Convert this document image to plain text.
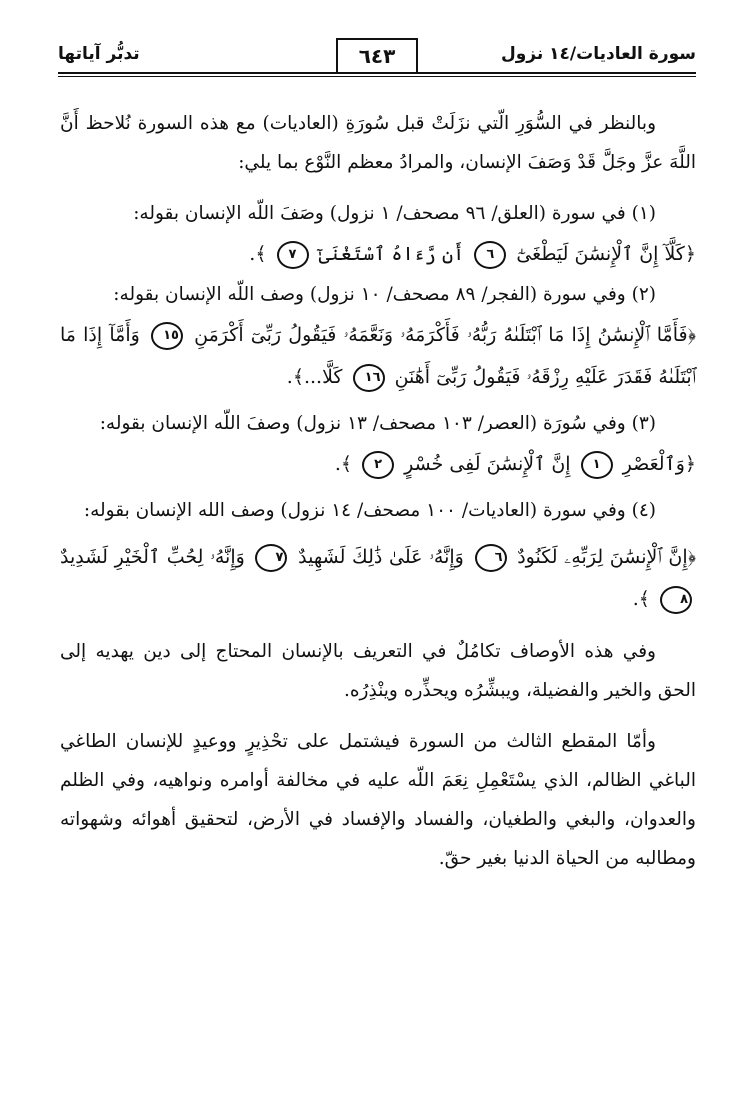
سورة العاديات/١٤ نزول
٦٤٣
تدبُّر آياتها

وبالنظر في السُّوَرِ الّتي نزَلَتْ قبل سُورَةِ (العاديات) مع هذه السورة نُلاحظ أَنَّ اللَّهَ عزَّ وجَلَّ قَدْ وَصَفَ الإنسان، والمرادُ معظم النَّوْع بما يلي:

(١) في سورة (العلق/ ٩٦ مصحف/ ١ نزول) وصَفَ اللّه الإنسان بقوله:

﴿كَلَّآ إِنَّ ٱلْإِنسَٰنَ لَيَطْغَىٰٓ ٦ أَن رَّءَاهُ ٱسْتَغْنَىٰٓ ٧ ﴾.

(٢) وفي سورة (الفجر/ ٨٩ مصحف/ ١٠ نزول) وصف اللّه الإنسان بقوله:

﴿فَأَمَّا ٱلْإِنسَٰنُ إِذَا مَا ٱبْتَلَىٰهُ رَبُّهُۥ فَأَكْرَمَهُۥ وَنَعَّمَهُۥ فَيَقُولُ رَبِّىٓ أَكْرَمَنِ ١٥ وَأَمَّآ إِذَا مَا ٱبْتَلَىٰهُ فَقَدَرَ عَلَيْهِ رِزْقَهُۥ فَيَقُولُ رَبِّىٓ أَهَٰنَنِ ١٦ كَلَّا...﴾.

(٣) وفي سُورَة (العصر/ ١٠٣ مصحف/ ١٣ نزول) وصفَ اللّه الإنسان بقوله:

﴿وَٱلْعَصْرِ ١ إِنَّ ٱلْإِنسَٰنَ لَفِى خُسْرٍ ٢ ﴾.

(٤) وفي سورة (العاديات/ ١٠٠ مصحف/ ١٤ نزول) وصف الله الإنسان بقوله:

﴿إِنَّ ٱلْإِنسَٰنَ لِرَبِّهِۦ لَكَنُودٌ ٦ وَإِنَّهُۥ عَلَىٰ ذَٰلِكَ لَشَهِيدٌ ٧ وَإِنَّهُۥ لِحُبِّ ٱلْخَيْرِ لَشَدِيدٌ ٨ ﴾.

وفي هذه الأوصاف تكامُلٌ في التعريف بالإنسان المحتاج إلى دين يهديه إلى الحق والخير والفضيلة، ويبشِّرُه ويحذِّره وينْذِرُه.

وأمّا المقطع الثالث من السورة فيشتمل على تحْذِيرٍ ووعيدٍ للإنسان الطاغي الباغي الظالم، الذي يسْتَعْمِلِ نِعَمَ اللّه عليه في مخالفة أوامره ونواهيه، وفي الظلم والعدوان، والبغي والطغيان، والفساد والإفساد في الأرض، لتحقيق أهوائه وشهواته ومطالبه من الحياة الدنيا بغير حقّ.
